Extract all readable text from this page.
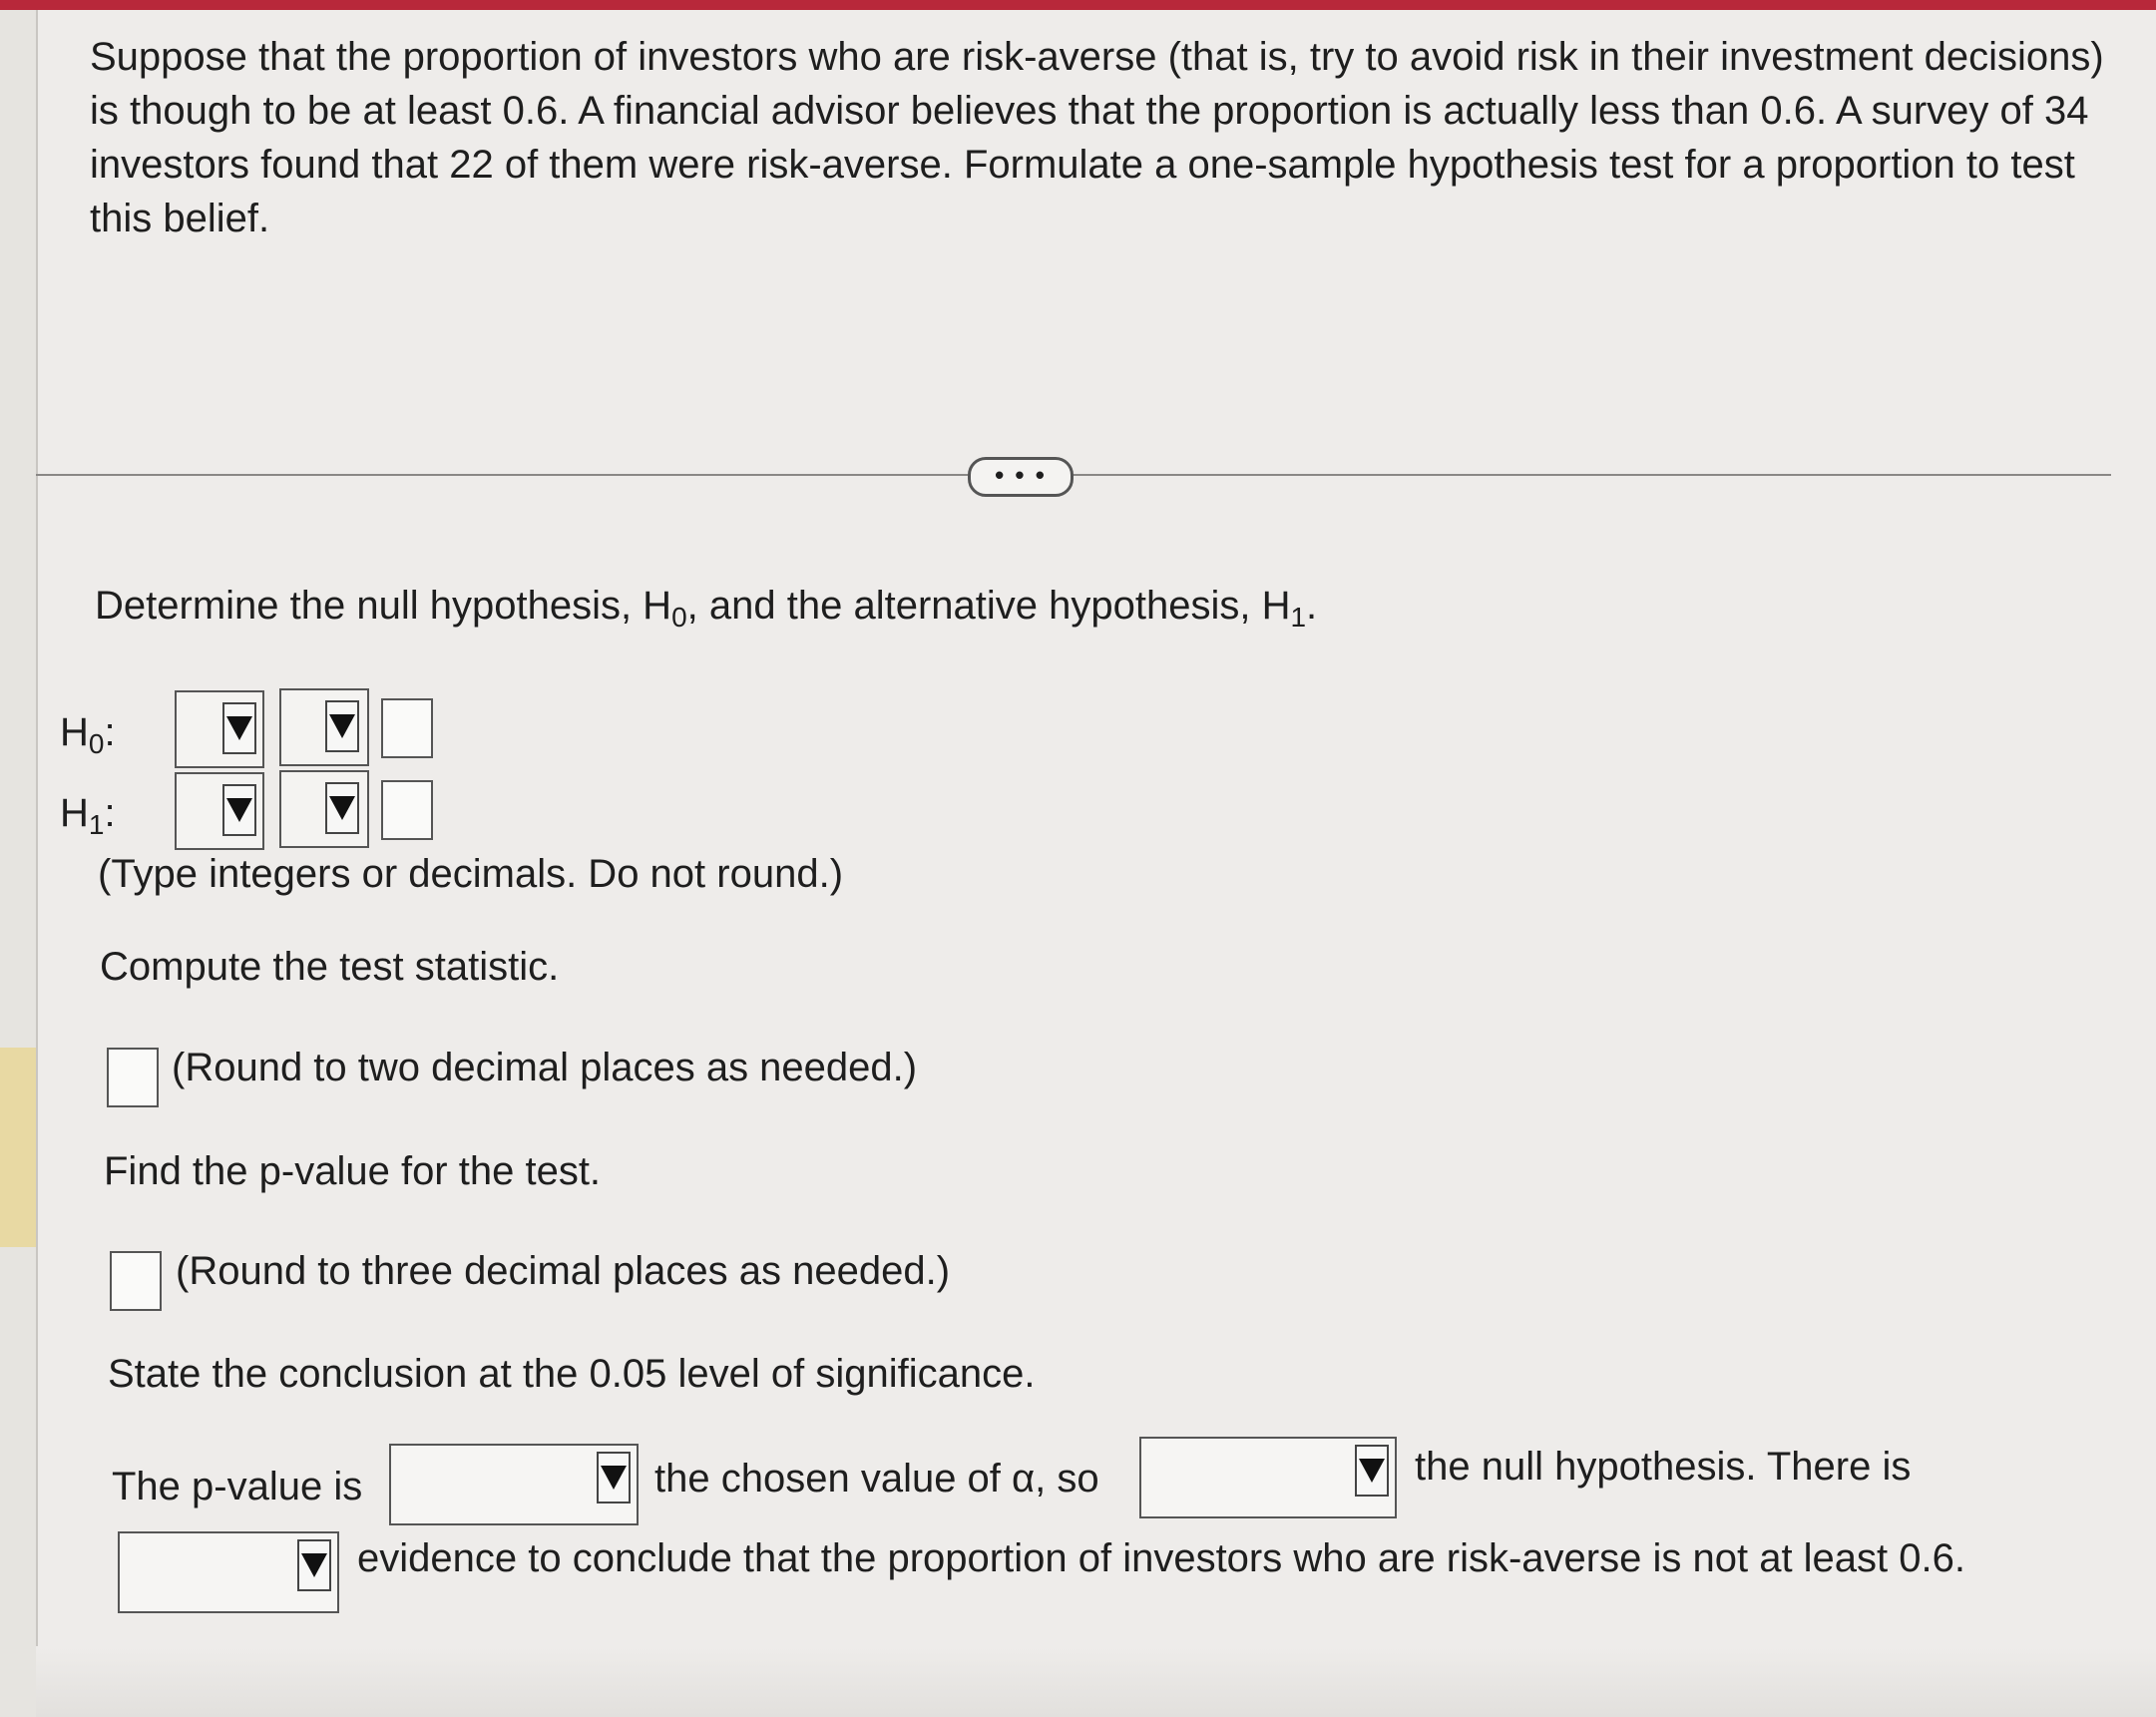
Suppose that the proportion of investors who are risk-averse (that is, try to avoid risk in their investment decisions) is though to be at least 0.6. A financial advisor believes that the proportion is actually less than 0.6. A survey of 34 investors found that 22 of them were risk-averse. Formulate a one-sample hypothesis test for a proportion to test this belief.
• • •
Determine the null hypothesis, $H_0$, and the alternative hypothesis, $H_1$.
$H_0$:
$H_1$:
(Type integers or decimals. Do not round.)
Compute the test statistic.
(Round to two decimal places as needed.)
Find the p-value for the test.
(Round to three decimal places as needed.)
State the conclusion at the 0.05 level of significance.
The p-value is	the chosen value of α, so	the null hypothesis. There is
evidence to conclude that the proportion of investors who are risk-averse is not at least 0.6.
